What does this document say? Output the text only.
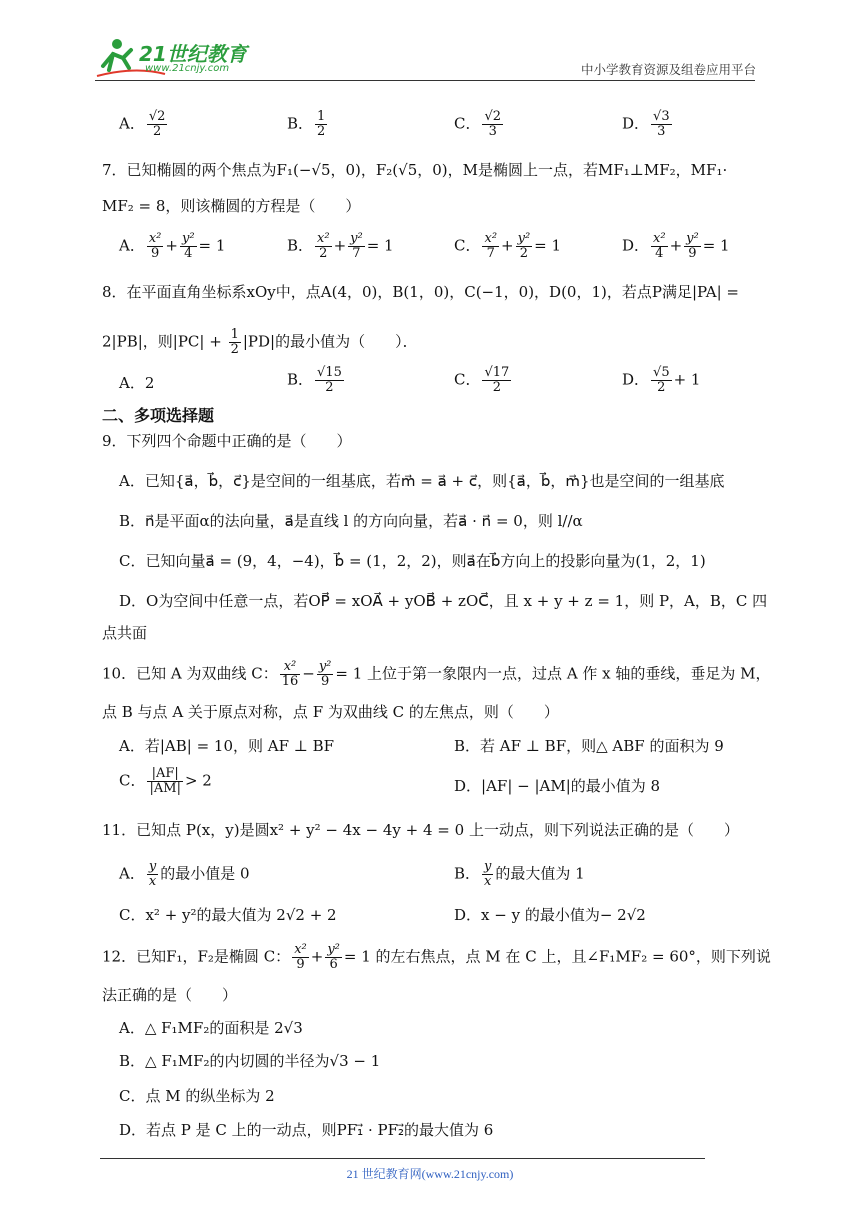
21世纪教育
www.21cnjy.com	中小学教育资源及组卷应用平台
A． $\frac{√2}{2}$	B． $\frac{1}{2}$	C． $\frac{√2}{3}$	D． $\frac{√3}{3}$
7．已知椭圆的两个焦点为F₁(−√5，0)，F₂(√5，0)，M是椭圆上一点，若MF₁⊥MF₂，MF₁·
MF₂ = 8，则该椭圆的方程是（　　）
A． $\frac{\text{x²}}{9} + \frac{\text{y²}}{4} = 1$	B． $\frac{\text{x²}}{2} + \frac{\text{y²}}{7} = 1$	C． $\frac{\text{x²}}{7} + \frac{\text{y²}}{2} = 1$	D． $\frac{\text{x²}}{4} + \frac{\text{y²}}{9} = 1$
8．在平面直角坐标系xOy中，点A(4，0)，B(1，0)，C(−1，0)，D(0，1)，若点P满足|PA| =
2|PB|，则$|PC| + \frac{1}{2} |PD|$的最小值为（　　）．
A．2	B． $\frac{√15}{2}$	C． $\frac{√17}{2}$	D． $\frac{√5}{2} + 1$
二、多项选择题
9．下列四个命题中正确的是（　　）
A．已知{a⃗，b⃗，c⃗}是空间的一组基底，若m⃗ = a⃗ + c⃗，则{a⃗，b⃗，m⃗}也是空间的一组基底
B．n⃗是平面α的法向量，a⃗是直线 l 的方向向量，若a⃗ · n⃗ = 0，则 l//α
C．已知向量a⃗ = (9，4，−4)，b⃗ = (1，2，2)，则a⃗在b⃗方向上的投影向量为(1，2，1)
D．O为空间中任意一点，若OP⃗ = xOA⃗ + yOB⃗ + zOC⃗，且 x + y + z = 1，则 P，A，B，C 四
点共面
10．已知 A 为双曲线 C： $\frac{\text{x²}}{16} - \frac{\text{y²}}{9} = 1$ 上位于第一象限内一点，过点 A 作 x 轴的垂线，垂足为 M，
点 B 与点 A 关于原点对称，点 F 为双曲线 C 的左焦点，则（　　）
A．若|AB| = 10，则 AF ⊥ BF	B．若 AF ⊥ BF，则△ ABF 的面积为 9
C． $\frac{|AF|}{|AM|} > 2$	D．|AF| − |AM|的最小值为 8
11．已知点 P(x，y)是圆x² + y² − 4x − 4y + 4 = 0 上一动点，则下列说法正确的是（　　）
A． $\frac{y}{x}$ 的最小值是 0	B． $\frac{y}{x}$ 的最大值为 1
C．x² + y²的最大值为 2√2 + 2	D．x − y 的最小值为− 2√2
12．已知F₁，F₂是椭圆 C： $\frac{\text{x²}}{9} + \frac{\text{y²}}{6} = 1$ 的左右焦点，点 M 在 C 上，且∠F₁MF₂ = 60°，则下列说
法正确的是（　　）
A．△ F₁MF₂的面积是 2√3
B．△ F₁MF₂的内切圆的半径为√3 − 1
C．点 M 的纵坐标为 2
D．若点 P 是 C 上的一动点，则PF₁⃗ · PF₂⃗的最大值为 6
21 世纪教育网(www.21cnjy.com)
